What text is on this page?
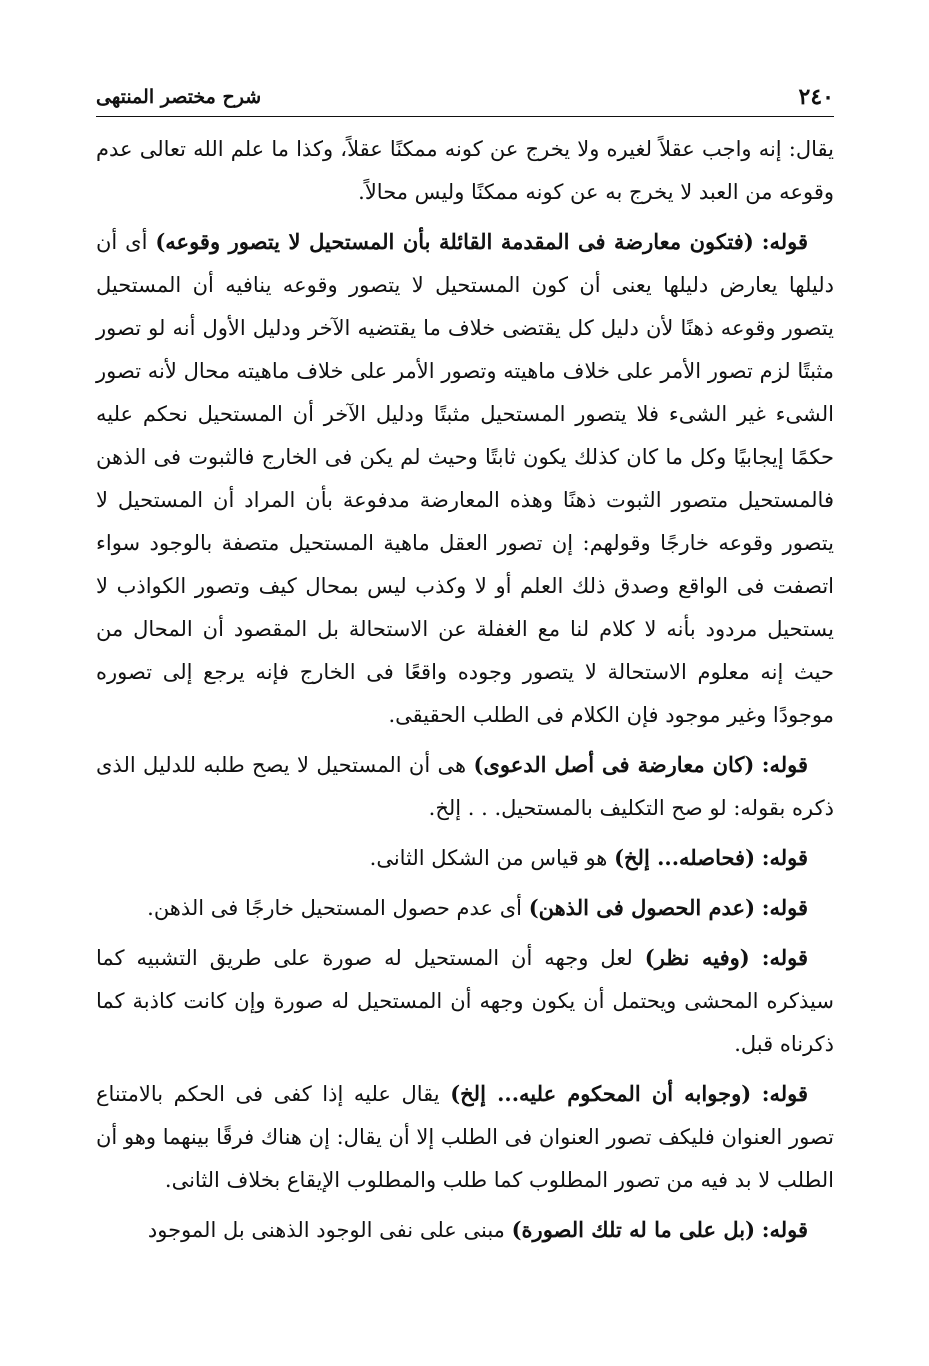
٢٤٠
شرح مختصر المنتهى

يقال: إنه واجب عقلاً لغيره ولا يخرج عن كونه ممكنًا عقلاً، وكذا ما علم الله تعالى عدم وقوعه من العبد لا يخرج به عن كونه ممكنًا وليس محالاً.

قوله: (فتكون معارضة فى المقدمة القائلة بأن المستحيل لا يتصور وقوعه) أى أن دليلها يعارض دليلها يعنى أن كون المستحيل لا يتصور وقوعه ينافيه أن المستحيل يتصور وقوعه ذهنًا لأن دليل كل يقتضى خلاف ما يقتضيه الآخر ودليل الأول أنه لو تصور مثبتًا لزم تصور الأمر على خلاف ماهيته وتصور الأمر على خلاف ماهيته محال لأنه تصور الشىء غير الشىء فلا يتصور المستحيل مثبتًا ودليل الآخر أن المستحيل نحكم عليه حكمًا إيجابيًا وكل ما كان كذلك يكون ثابتًا وحيث لم يكن فى الخارج فالثبوت فى الذهن فالمستحيل متصور الثبوت ذهنًا وهذه المعارضة مدفوعة بأن المراد أن المستحيل لا يتصور وقوعه خارجًا وقولهم: إن تصور العقل ماهية المستحيل متصفة بالوجود سواء اتصفت فى الواقع وصدق ذلك العلم أو لا وكذب ليس بمحال كيف وتصور الكواذب لا يستحيل مردود بأنه لا كلام لنا مع الغفلة عن الاستحالة بل المقصود أن المحال من حيث إنه معلوم الاستحالة لا يتصور وجوده واقعًا فى الخارج فإنه يرجع إلى تصوره موجودًا وغير موجود فإن الكلام فى الطلب الحقيقى.

قوله: (كان معارضة فى أصل الدعوى) هى أن المستحيل لا يصح طلبه للدليل الذى ذكره بقوله: لو صح التكليف بالمستحيل. . . إلخ.

قوله: (فحاصله... إلخ) هو قياس من الشكل الثانى.

قوله: (عدم الحصول فى الذهن) أى عدم حصول المستحيل خارجًا فى الذهن.

قوله: (وفيه نظر) لعل وجهه أن المستحيل له صورة على طريق التشبيه كما سيذكره المحشى ويحتمل أن يكون وجهه أن المستحيل له صورة وإن كانت كاذبة كما ذكرناه قبل.

قوله: (وجوابه أن المحكوم عليه... إلخ) يقال عليه إذا كفى فى الحكم بالامتناع تصور العنوان فليكف تصور العنوان فى الطلب إلا أن يقال: إن هناك فرقًا بينهما وهو أن الطلب لا بد فيه من تصور المطلوب كما طلب والمطلوب الإيقاع بخلاف الثانى.

قوله: (بل على ما له تلك الصورة) مبنى على نفى الوجود الذهنى بل الموجود
